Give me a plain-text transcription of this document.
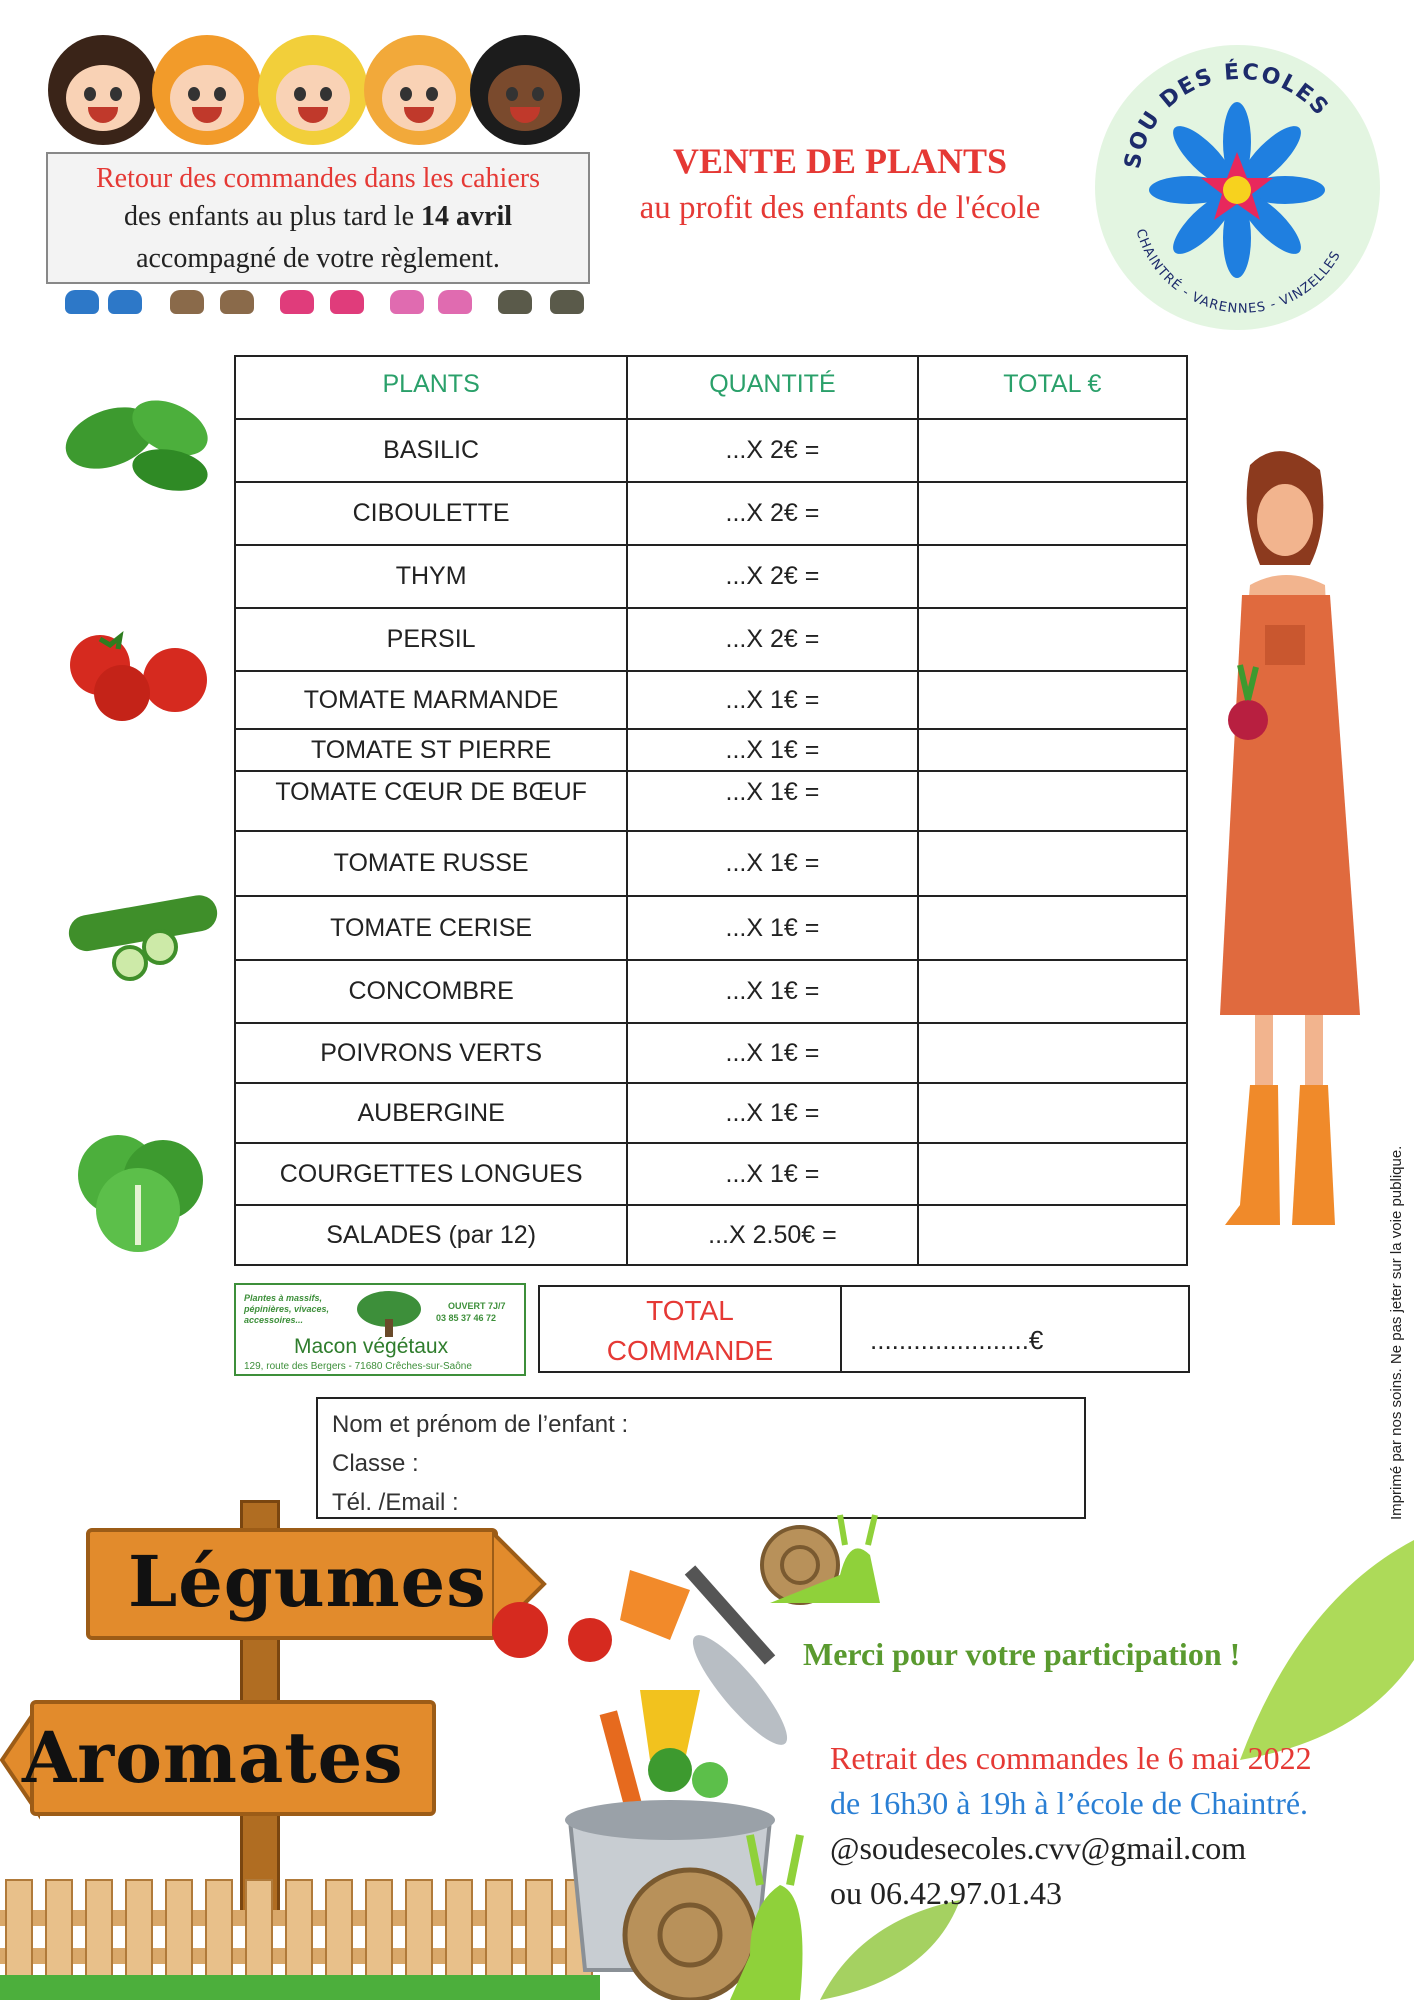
Retour des commandes dans les cahiers
des enfants au plus tard le 14 avril
accompagné de votre règlement.
VENTE DE PLANTS
au profit des enfants de l'école
SOU DES ÉCOLES
CHAINTRÉ - VARENNES - VINZELLES
PLANTS	QUANTITÉ	TOTAL €
BASILIC	...X 2€ =	
CIBOULETTE	...X 2€ =	
THYM	...X 2€ =	
PERSIL	...X 2€ =	
TOMATE MARMANDE	...X 1€ =	
TOMATE ST PIERRE	...X 1€ =	
TOMATE CŒUR DE BŒUF	...X 1€ =	
TOMATE RUSSE	...X 1€ =	
TOMATE CERISE	...X 1€ =	
CONCOMBRE	...X 1€ =	
POIVRONS VERTS	...X 1€ =	
AUBERGINE	...X 1€ =	
COURGETTES LONGUES	...X 1€ =	
SALADES (par 12)	...X 2.50€ =	
Plantes à massifs, pépinières, vivaces, accessoires...
OUVERT 7J/7
03 85 37 46 72
Macon végétaux
129, route des Bergers - 71680 Crêches-sur-Saône
TOTAL
COMMANDE	......................€
Nom et prénom de l’enfant :
Classe :
Tél. /Email :	Imprimé par nos soins. Ne pas jeter sur la voie publique.
Légumes
Aromates
Merci pour votre participation !
Retrait des commandes le 6 mai 2022
de 16h30 à 19h à l’école de Chaintré.
@soudesecoles.cvv@gmail.com
ou 06.42.97.01.43
